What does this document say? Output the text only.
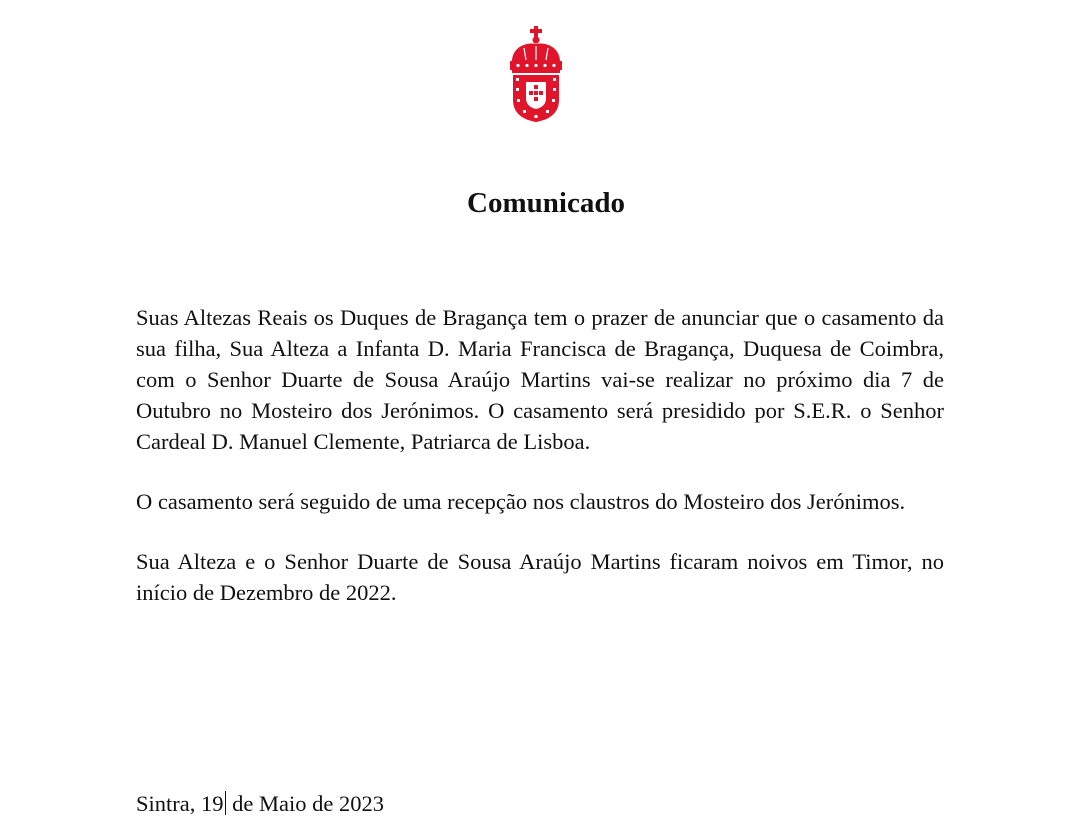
Comunicado

Suas Altezas Reais os Duques de Bragança tem o prazer de anunciar que o casamento da sua filha, Sua Alteza a Infanta D. Maria Francisca de Bragança, Duquesa de Coimbra, com o Senhor Duarte de Sousa Araújo Martins vai-se realizar no próximo dia 7 de Outubro no Mosteiro dos Jerónimos. O casamento será presidido por S.E.R. o Senhor Cardeal D. Manuel Clemente, Patriarca de Lisboa.

O casamento será seguido de uma recepção nos claustros do Mosteiro dos Jerónimos.

Sua Alteza e o Senhor Duarte de Sousa Araújo Martins ficaram noivos em Timor, no início de Dezembro de 2022.

Sintra, 19 de Maio de 2023
